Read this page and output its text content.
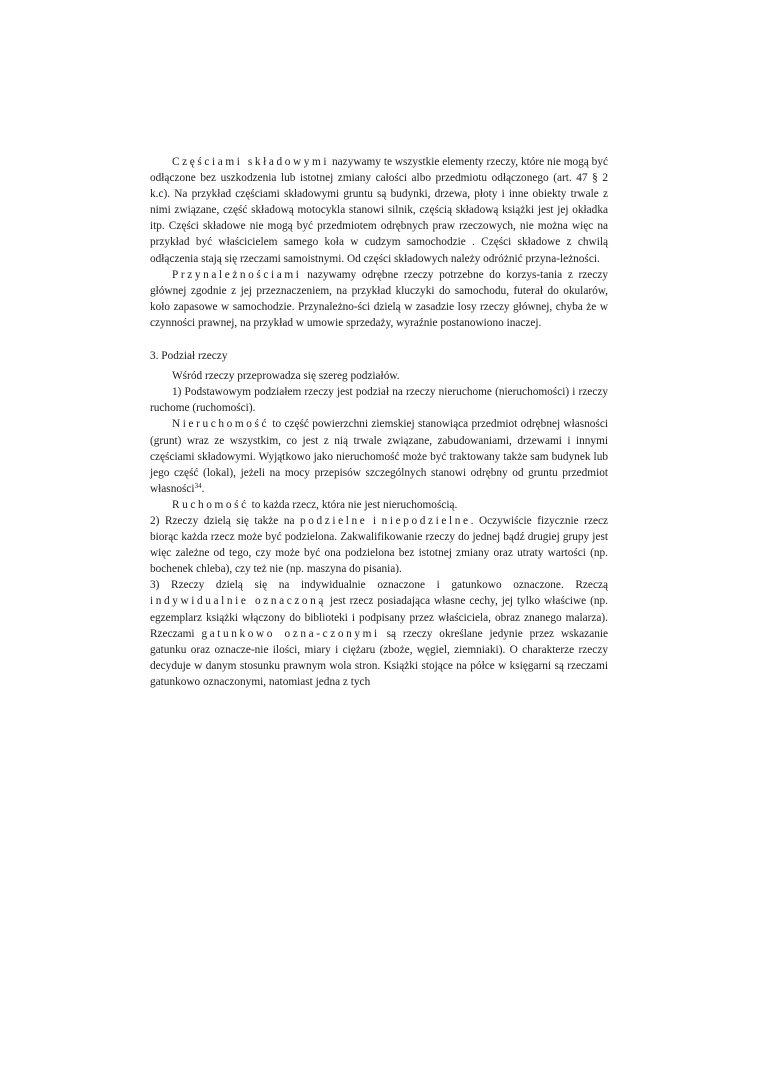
Częściami składowymi nazywamy te wszystkie elementy rzeczy, które nie mogą być odłączone bez uszkodzenia lub istotnej zmiany całości albo przedmiotu odłączonego (art. 47 § 2 k.c). Na przykład częściami składowymi gruntu są budynki, drzewa, płoty i inne obiekty trwale z nimi związane, część składową motocykla stanowi silnik, częścią składową książki jest jej okładka itp. Części składowe nie mogą być przedmiotem odrębnych praw rzeczowych, nie można więc na przykład być właścicielem samego koła w cudzym samochodzie . Części składowe z chwilą odłączenia stają się rzeczami samoistnymi. Od części składowych należy odróżnić przyna-leżności.

Przynależnościami nazywamy odrębne rzeczy potrzebne do korzys-tania z rzeczy głównej zgodnie z jej przeznaczeniem, na przykład kluczyki do samochodu, futerał do okularów, koło zapasowe w samochodzie. Przynależno-ści dzielą w zasadzie losy rzeczy głównej, chyba że w czynności prawnej, na przykład w umowie sprzedaży, wyraźnie postanowiono inaczej.

3. Podział rzeczy

Wśród rzeczy przeprowadza się szereg podziałów.

1) Podstawowym podziałem rzeczy jest podział na rzeczy nieruchome (nieruchomości) i rzeczy ruchome (ruchomości).

Nieruchomość to część powierzchni ziemskiej stanowiąca przedmiot odrębnej własności (grunt) wraz ze wszystkim, co jest z nią trwale związane, zabudowaniami, drzewami i innymi częściami składowymi. Wyjątkowo jako nieruchomość może być traktowany także sam budynek lub jego część (lokal), jeżeli na mocy przepisów szczególnych stanowi odrębny od gruntu przedmiot własności$^{34}$.

Ruchomość to każda rzecz, która nie jest nieruchomością.

2) Rzeczy dzielą się także na podzielne i niepodzielne. Oczywiście fizycznie rzecz biorąc każda rzecz może być podzielona. Zakwalifikowanie rzeczy do jednej bądź drugiej grupy jest więc zależne od tego, czy może być ona podzielona bez istotnej zmiany oraz utraty wartości (np. bochenek chleba), czy też nie (np. maszyna do pisania).

3) Rzeczy dzielą się na indywidualnie oznaczone i gatunkowo oznaczone. Rzeczą indywidualnie oznaczoną jest rzecz posiadająca własne cechy, jej tylko właściwe (np. egzemplarz książki włączony do biblioteki i podpisany przez właściciela, obraz znanego malarza). Rzeczami gatunkowo ozna-czonymi są rzeczy określane jedynie przez wskazanie gatunku oraz oznacze-nie ilości, miary i ciężaru (zboże, węgiel, ziemniaki). O charakterze rzeczy decyduje w danym stosunku prawnym wola stron. Książki stojące na półce w księgarni są rzeczami gatunkowo oznaczonymi, natomiast jedna z tych
